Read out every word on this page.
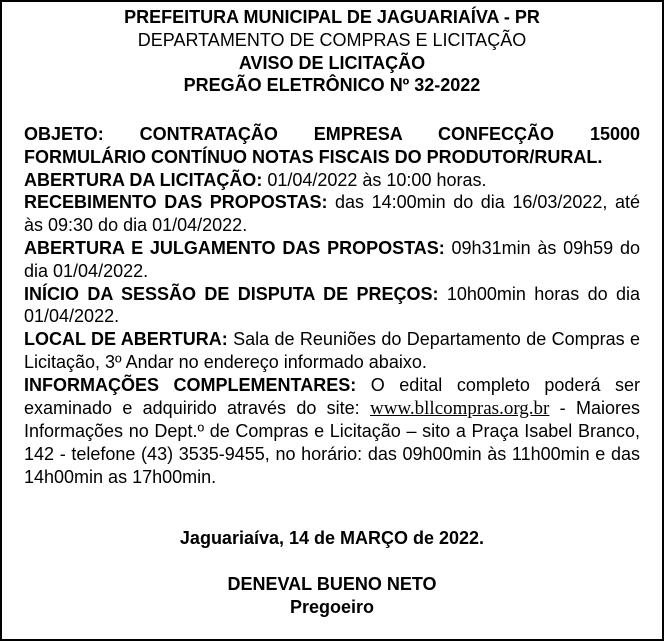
PREFEITURA MUNICIPAL DE JAGUARIAÍVA - PR
DEPARTAMENTO DE COMPRAS E LICITAÇÃO
AVISO DE LICITAÇÃO
PREGÃO ELETRÔNICO Nº 32-2022

OBJETO: CONTRATAÇÃO EMPRESA CONFECÇÃO 15000 FORMULÁRIO CONTÍNUO NOTAS FISCAIS DO PRODUTOR/RURAL.

ABERTURA DA LICITAÇÃO: 01/04/2022 às 10:00 horas.

RECEBIMENTO DAS PROPOSTAS: das 14:00min do dia 16/03/2022, até às 09:30 do dia 01/04/2022.

ABERTURA E JULGAMENTO DAS PROPOSTAS: 09h31min às 09h59 do dia 01/04/2022.

INÍCIO DA SESSÃO DE DISPUTA DE PREÇOS: 10h00min horas do dia 01/04/2022.

LOCAL DE ABERTURA: Sala de Reuniões do Departamento de Compras e Licitação, 3º Andar no endereço informado abaixo.

INFORMAÇÕES COMPLEMENTARES: O edital completo poderá ser examinado e adquirido através do site: www.bllcompras.org.br - Maiores Informações no Dept.º de Compras e Licitação – sito a Praça Isabel Branco, 142 - telefone (43) 3535-9455, no horário: das 09h00min às 11h00min e das 14h00min as 17h00min.

Jaguariaíva, 14 de MARÇO de 2022.
DENEVAL BUENO NETO
Pregoeiro
